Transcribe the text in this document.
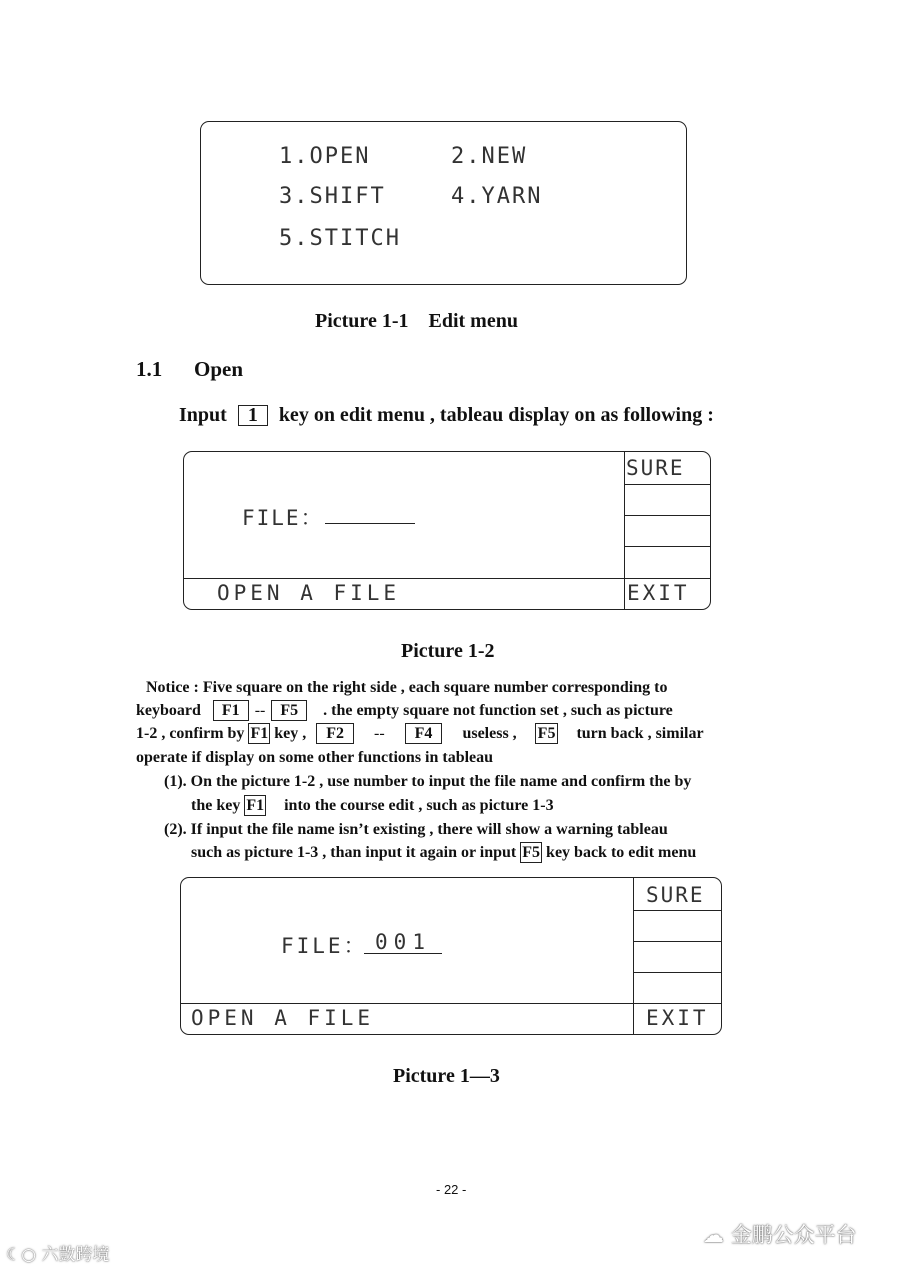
1.OPEN	2.NEW
3.SHIFT	4.YARN
5.STITCH
Picture 1-1    Edit menu
1.1 Open
Input 1 key on edit menu , tableau display on as following :
FILE：
OPEN A FILE
SURE
EXIT
Picture 1-2
Notice : Five square on the right side , each square number corresponding to
keyboard F1 -- F5 . the empty square not function set , such as picture
1-2 , confirm by F1 key , F2 -- F4 useless , F5 turn back , similar
operate if display on some other functions in tableau
(1). On the picture 1-2 , use number to input the file name and confirm the by
the key F1 into the course edit , such as picture 1-3
(2). If input the file name isn’t existing , there will show a warning tableau
such as picture 1-3 , than input it again or input F5 key back to edit menu
FILE： 001
OPEN A FILE
SURE
EXIT
Picture 1—3
- 22 -
☾○ 六敳跨境
☁ 金鹏公众平台
